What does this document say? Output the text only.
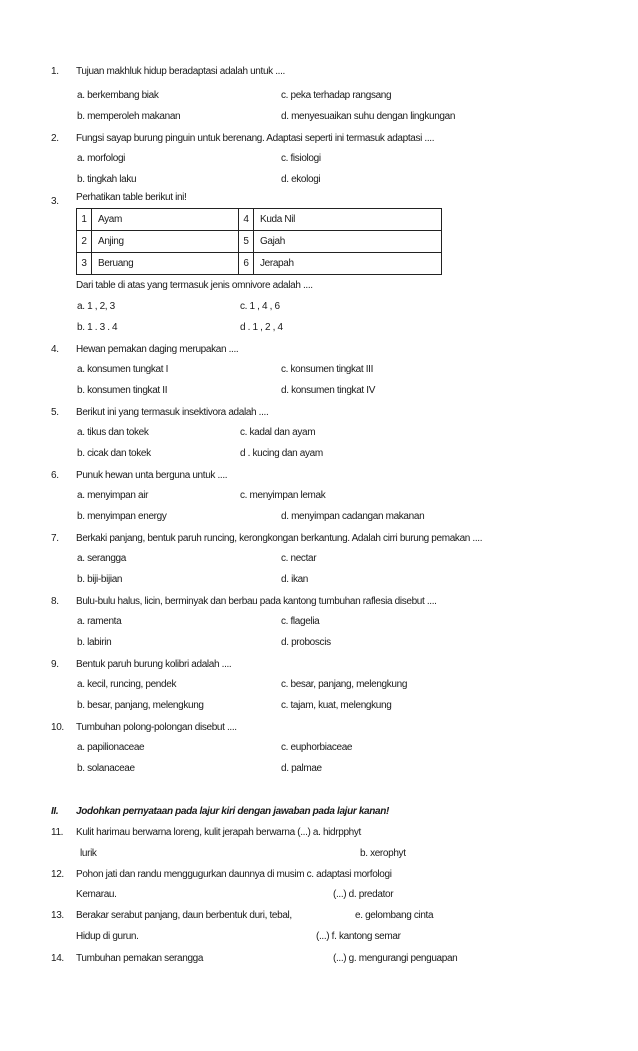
1. Tujuan makhluk hidup beradaptasi adalah untuk ....
a. berkembang biak	c. peka terhadap rangsang
b. memperoleh makanan	d. menyesuaikan suhu dengan lingkungan
2. Fungsi sayap burung pinguin untuk berenang. Adaptasi seperti ini termasuk adaptasi ....
a. morfologi	c. fisiologi
b. tingkah laku	d. ekologi
3. Perhatikan table berikut ini!
1	Ayam	4	Kuda Nil
2	Anjing	5	Gajah
3	Beruang	6	Jerapah
Dari table di atas yang termasuk jenis omnivore adalah ....
a. 1 , 2, 3	c. 1 , 4 , 6
b. 1 . 3 . 4	d . 1 , 2 , 4
4. Hewan pemakan daging merupakan ....
a. konsumen tungkat I	c. konsumen tingkat III
b. konsumen tingkat II	d. konsumen tingkat IV
5. Berikut ini yang termasuk insektivora adalah ....
a. tikus dan tokek	c. kadal dan ayam
b. cicak dan tokek	d . kucing dan ayam
6. Punuk hewan unta berguna untuk ....
a. menyimpan air	c. menyimpan lemak
b. menyimpan energy	d. menyimpan cadangan makanan
7. Berkaki panjang, bentuk paruh runcing, kerongkongan berkantung. Adalah cirri burung pemakan ....
a. serangga	c. nectar
b. biji-bijian	d. ikan
8. Bulu-bulu halus, licin, berminyak dan berbau pada kantong tumbuhan raflesia disebut ....
a. ramenta	c. flagelia
b. labirin	d. proboscis
9. Bentuk paruh burung kolibri adalah ....
a. kecil, runcing, pendek	c. besar, panjang, melengkung
b. besar, panjang, melengkung	c. tajam, kuat, melengkung
10. Tumbuhan polong-polongan disebut ....
a. papilionaceae	c. euphorbiaceae
b. solanaceae	d. palmae
II. Jodohkan pernyataan pada lajur kiri dengan jawaban pada lajur kanan!
11. Kulit harimau berwarna loreng, kulit jerapah berwarna (...) a. hidrpphyt
lurik	b. xerophyt
12. Pohon jati dan randu menggugurkan daunnya di musim c. adaptasi morfologi
Kemarau.	(...) d. predator
13. Berakar serabut panjang, daun berbentuk duri, tebal,	e. gelombang cinta
Hidup di gurun.	(...) f. kantong semar
14. Tumbuhan pemakan serangga	(...) g. mengurangi penguapan
